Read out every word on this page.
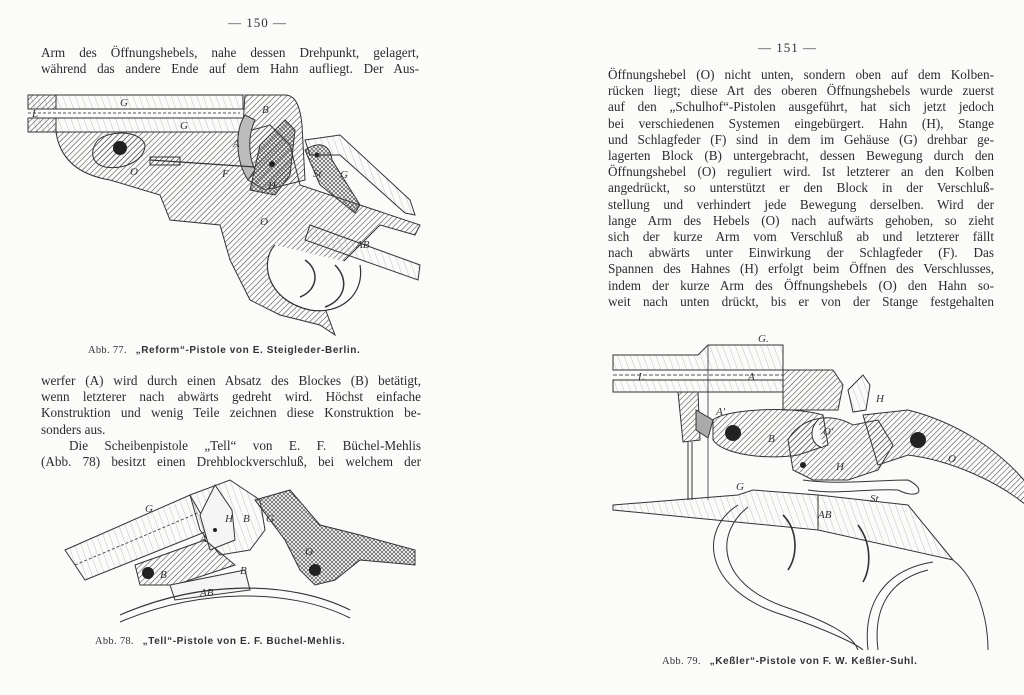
— 150 —
Arm des Öffnungshebels, nahe dessen Drehpunkt, gelagert,
während das andere Ende auf dem Hahn aufliegt. Der Aus-
G
L
G
B
A
O	F
H
St G
O
AB
Abb. 77. „Reform“-Pistole von E. Steigleder-Berlin.
werfer (A) wird durch einen Absatz des Blockes (B) betätigt,
wenn letzterer nach abwärts gedreht wird. Höchst einfache
Konstruktion und wenig Teile zeichnen diese Konstruktion be-
sonders aus.
Die Scheibenpistole „Tell“ von E. F. Büchel-Mehlis
(Abb. 78) besitzt einen Drehblockverschluß, bei welchem der
G
H B G
A
B	B
AB
O
Abb. 78. „Tell“-Pistole von E. F. Büchel-Mehlis.
— 151 —
Öffnungshebel (O) nicht unten, sondern oben auf dem Kolben-
rücken liegt; diese Art des oberen Öffnungshebels wurde zuerst
auf den „Schulhof“-Pistolen ausgeführt, hat sich jetzt jedoch
bei verschiedenen Systemen eingebürgert. Hahn (H), Stange
und Schlagfeder (F) sind in dem im Gehäuse (G) drehbar ge-
lagerten Block (B) untergebracht, dessen Bewegung durch den
Öffnungshebel (O) reguliert wird. Ist letzterer an den Kolben
angedrückt, so unterstützt er den Block in der Verschluß-
stellung und verhindert jede Bewegung derselben. Wird der
lange Arm des Hebels (O) nach aufwärts gehoben, so zieht
sich der kurze Arm vom Verschluß ab und letzterer fällt
nach abwärts unter Einwirkung der Schlagfeder (F). Das
Spannen des Hahnes (H) erfolgt beim Öffnen des Verschlusses,
indem der kurze Arm des Öffnungshebels (O) den Hahn so-
weit nach unten drückt, bis er von der Stange festgehalten
G.
L	A
A'
B
O'
H
H
O
G
St
AB
Abb. 79. „Keßler“-Pistole von F. W. Keßler-Suhl.
